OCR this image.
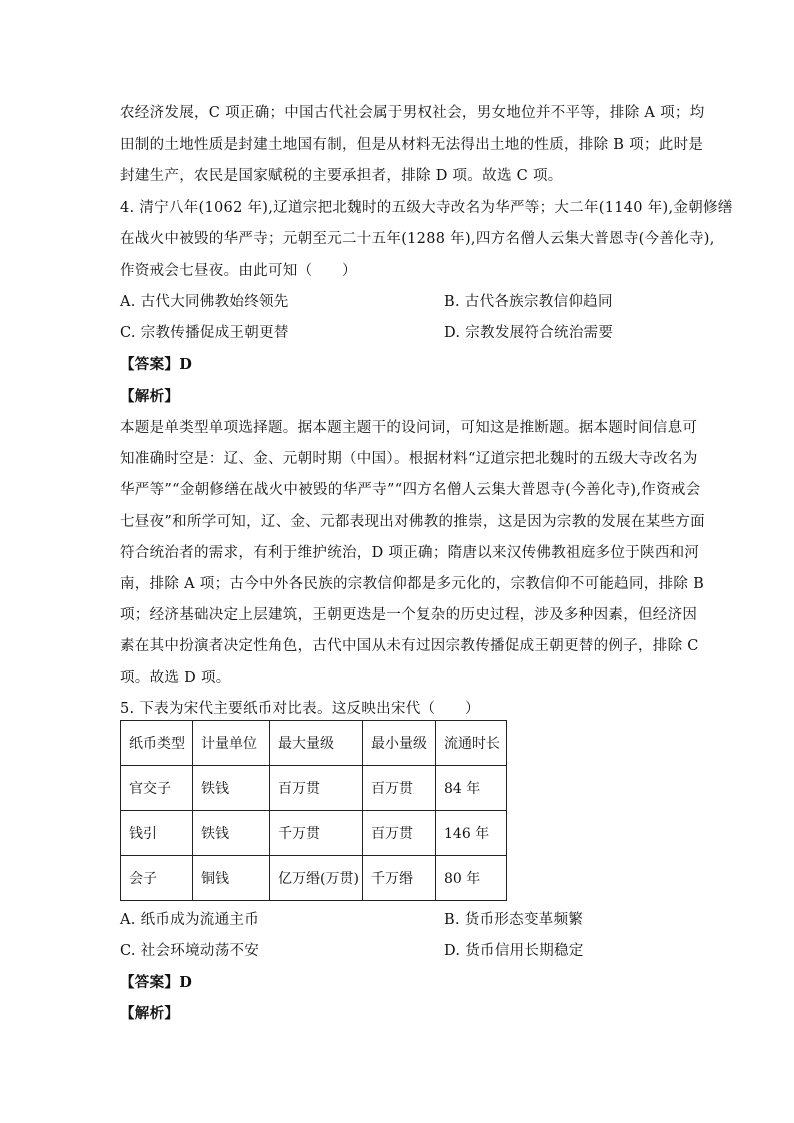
农经济发展，C 项正确；中国古代社会属于男权社会，男女地位并不平等，排除 A 项；均
田制的土地性质是封建土地国有制，但是从材料无法得出土地的性质，排除 B 项；此时是
封建生产，农民是国家赋税的主要承担者，排除 D 项。故选 C 项。
4. 清宁八年(1062 年),辽道宗把北魏时的五级大寺改名为华严等；大二年(1140 年),金朝修缮
在战火中被毁的华严寺；元朝至元二十五年(1288 年),四方名僧人云集大普恩寺(今善化寺),
作资戒会七昼夜。由此可知（　　）
A. 古代大同佛教始终领先	B. 古代各族宗教信仰趋同
C. 宗教传播促成王朝更替	D. 宗教发展符合统治需要
【答案】D
【解析】
本题是单类型单项选择题。据本题主题干的设问词，可知这是推断题。据本题时间信息可
知准确时空是：辽、金、元朝时期（中国）。根据材料“辽道宗把北魏时的五级大寺改名为
华严等”“金朝修缮在战火中被毁的华严寺”“四方名僧人云集大普恩寺(今善化寺),作资戒会
七昼夜”和所学可知，辽、金、元都表现出对佛教的推崇，这是因为宗教的发展在某些方面
符合统治者的需求，有利于维护统治，D 项正确；隋唐以来汉传佛教祖庭多位于陕西和河
南，排除 A 项；古今中外各民族的宗教信仰都是多元化的，宗教信仰不可能趋同，排除 B
项；经济基础决定上层建筑，王朝更迭是一个复杂的历史过程，涉及多种因素，但经济因
素在其中扮演者决定性角色，古代中国从未有过因宗教传播促成王朝更替的例子，排除 C
项。故选 D 项。
5. 下表为宋代主要纸币对比表。这反映出宋代（　　）
纸币类型	计量单位	最大量级	最小量级	流通时长
官交子	铁钱	百万贯	百万贯	84 年
钱引	铁钱	千万贯	百万贯	146 年
会子	铜钱	亿万缗(万贯)	千万缗	80 年
A. 纸币成为流通主币	B. 货币形态变革频繁
C. 社会环境动荡不安	D. 货币信用长期稳定
【答案】D
【解析】
